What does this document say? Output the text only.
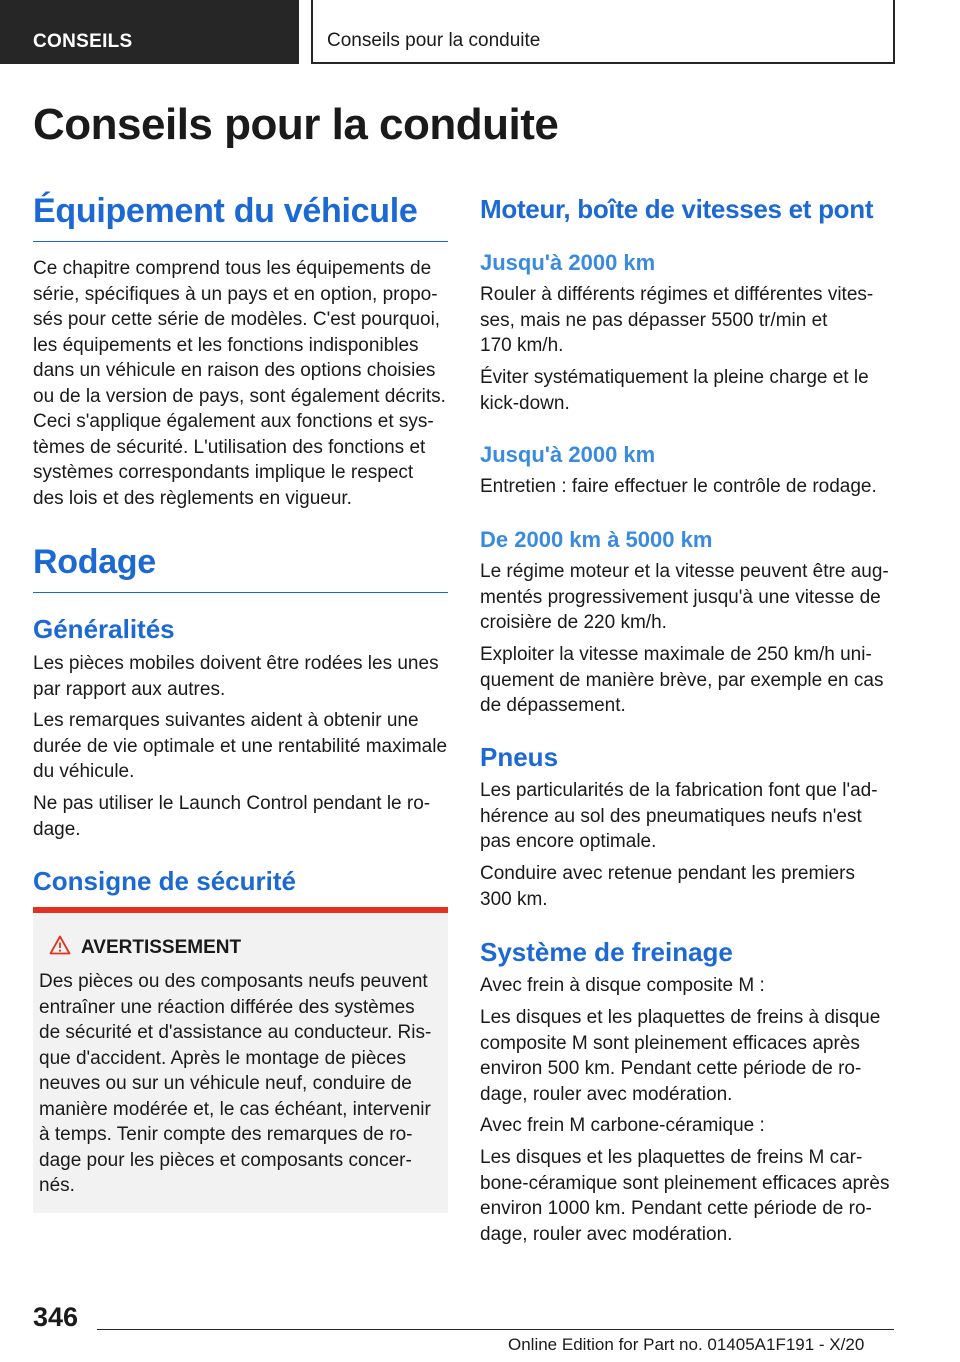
CONSEILS	Conseils pour la conduite
Conseils pour la conduite
Équipement du véhicule

Ce chapitre comprend tous les équipements de
série, spécifiques à un pays et en option, propo-
sés pour cette série de modèles. C'est pourquoi,
les équipements et les fonctions indisponibles
dans un véhicule en raison des options choisies
ou de la version de pays, sont également décrits.
Ceci s'applique également aux fonctions et sys-
tèmes de sécurité. L'utilisation des fonctions et
systèmes correspondants implique le respect
des lois et des règlements en vigueur.

Rodage
Généralités

Les pièces mobiles doivent être rodées les unes
par rapport aux autres.

Les remarques suivantes aident à obtenir une
durée de vie optimale et une rentabilité maximale
du véhicule.

Ne pas utiliser le Launch Control pendant le ro-
dage.

Consigne de sécurité
AVERTISSEMENT

Des pièces ou des composants neufs peuvent
entraîner une réaction différée des systèmes
de sécurité et d'assistance au conducteur. Ris-
que d'accident. Après le montage de pièces
neuves ou sur un véhicule neuf, conduire de
manière modérée et, le cas échéant, intervenir
à temps. Tenir compte des remarques de ro-
dage pour les pièces et composants concer-
nés.

Moteur, boîte de vitesses et pont
Jusqu'à 2000 km

Rouler à différents régimes et différentes vites-
ses, mais ne pas dépasser 5500 tr/min et
170 km/h.

Éviter systématiquement la pleine charge et le
kick-down.

Jusqu'à 2000 km

Entretien : faire effectuer le contrôle de rodage.

De 2000 km à 5000 km

Le régime moteur et la vitesse peuvent être aug-
mentés progressivement jusqu'à une vitesse de
croisière de 220 km/h.

Exploiter la vitesse maximale de 250 km/h uni-
quement de manière brève, par exemple en cas
de dépassement.

Pneus

Les particularités de la fabrication font que l'ad-
hérence au sol des pneumatiques neufs n'est
pas encore optimale.

Conduire avec retenue pendant les premiers
300 km.

Système de freinage

Avec frein à disque composite M :

Les disques et les plaquettes de freins à disque
composite M sont pleinement efficaces après
environ 500 km. Pendant cette période de ro-
dage, rouler avec modération.

Avec frein M carbone-céramique :

Les disques et les plaquettes de freins M car-
bone-céramique sont pleinement efficaces après
environ 1000 km. Pendant cette période de ro-
dage, rouler avec modération.

346
Online Edition for Part no. 01405A1F191 - X/20
